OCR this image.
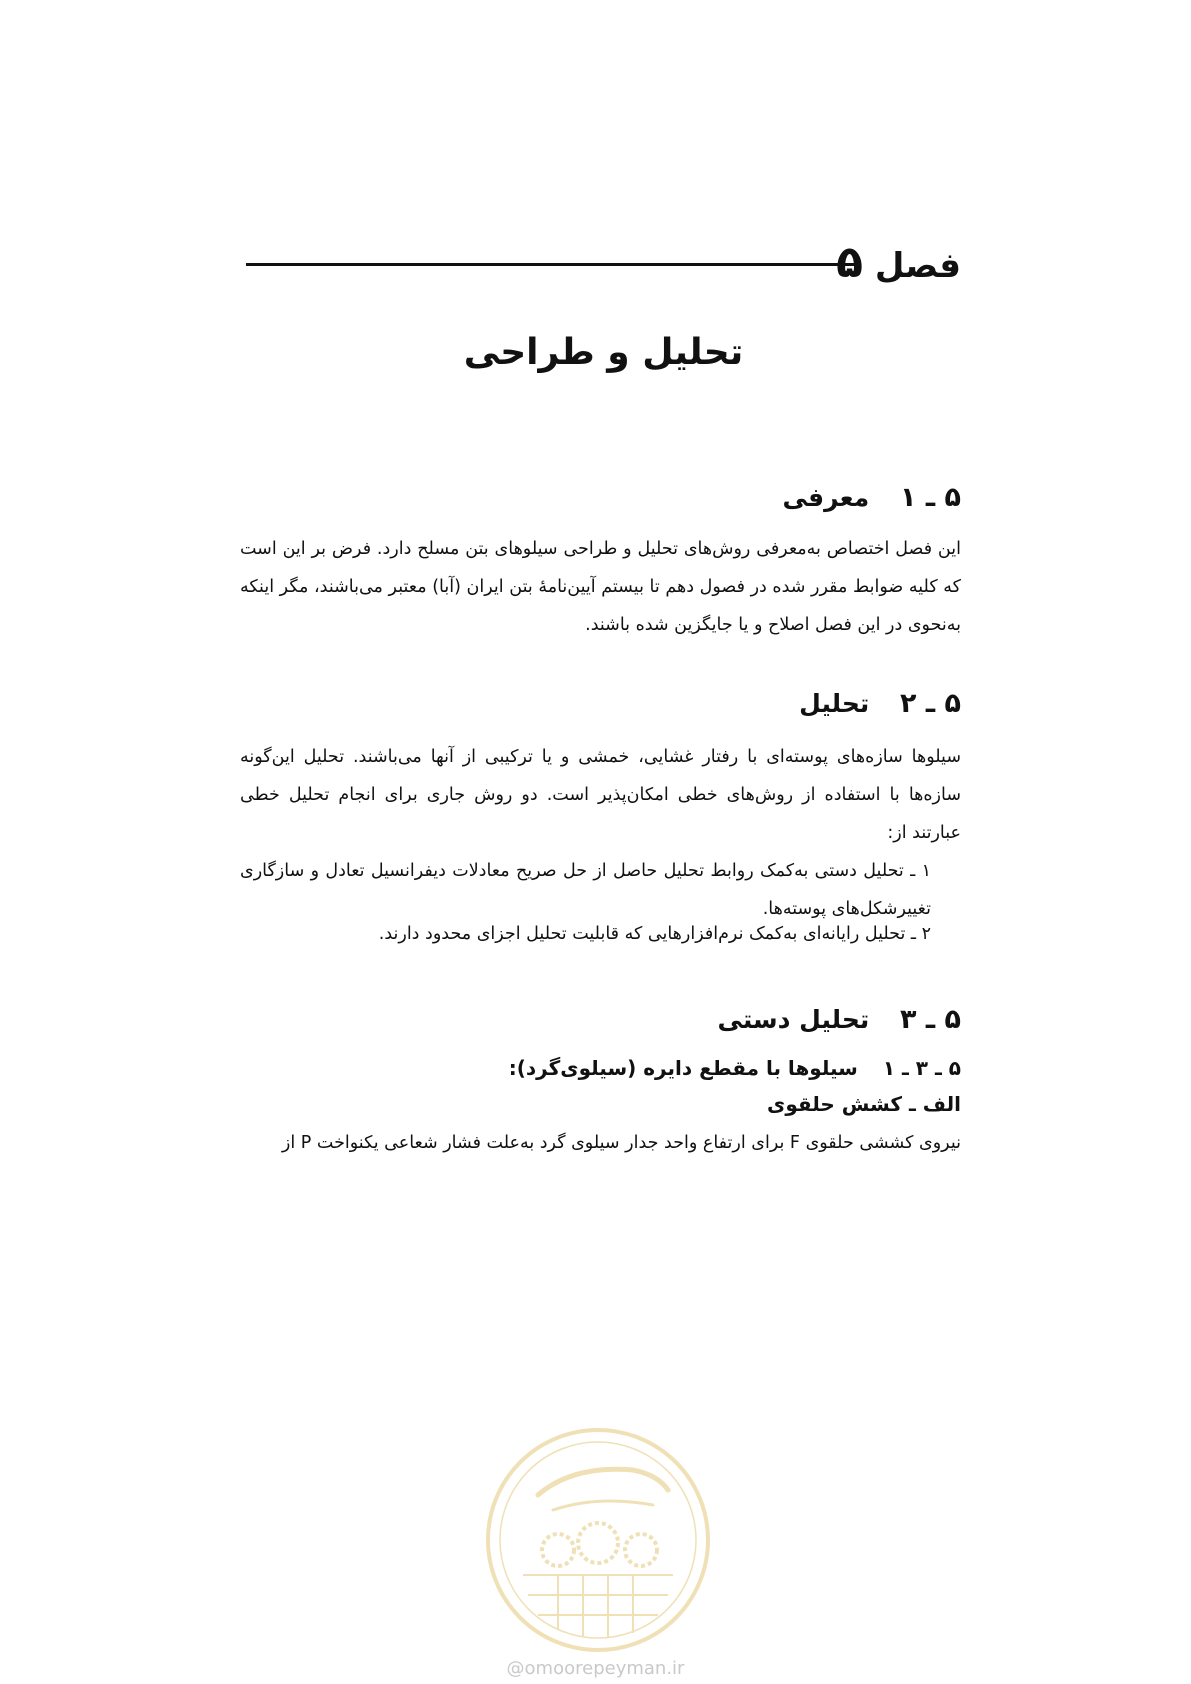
فصل ۵
تحلیل و طراحی
۵ ـ ۱ معرفی
این فصل اختصاص به‌معرفی روش‌های تحلیل و طراحی سیلوهای بتن مسلح دارد. فرض بر این است که کلیه ضوابط مقرر شده در فصول دهم تا بیستم آیین‌نامهٔ بتن ایران (آبا) معتبر می‌باشند، مگر اینکه به‌نحوی در این فصل اصلاح و یا جایگزین شده باشند.
۵ ـ ۲ تحلیل
سیلوها سازه‌های پوسته‌ای با رفتار غشایی، خمشی و یا ترکیبی از آنها می‌باشند. تحلیل این‌گونه سازه‌ها با استفاده از روش‌های خطی امکان‌پذیر است. دو روش جاری برای انجام تحلیل خطی عبارتند از:
۱ ـ تحلیل دستی به‌کمک روابط تحلیل حاصل از حل صریح معادلات دیفرانسیل تعادل و سازگاری تغییرشکل‌های پوسته‌ها.
۲ ـ تحلیل رایانه‌ای به‌کمک نرم‌افزارهایی که قابلیت تحلیل اجزای محدود دارند.
۵ ـ ۳ تحلیل دستی
۵ ـ ۳ ـ ۱ سیلوها با مقطع دایره (سیلوی‌گرد):
الف ـ کشش حلقوی
نیروی کششی حلقوی F برای ارتفاع واحد جدار سیلوی گرد به‌علت فشار شعاعی یکنواخت P از
@omoorepeyman.ir
